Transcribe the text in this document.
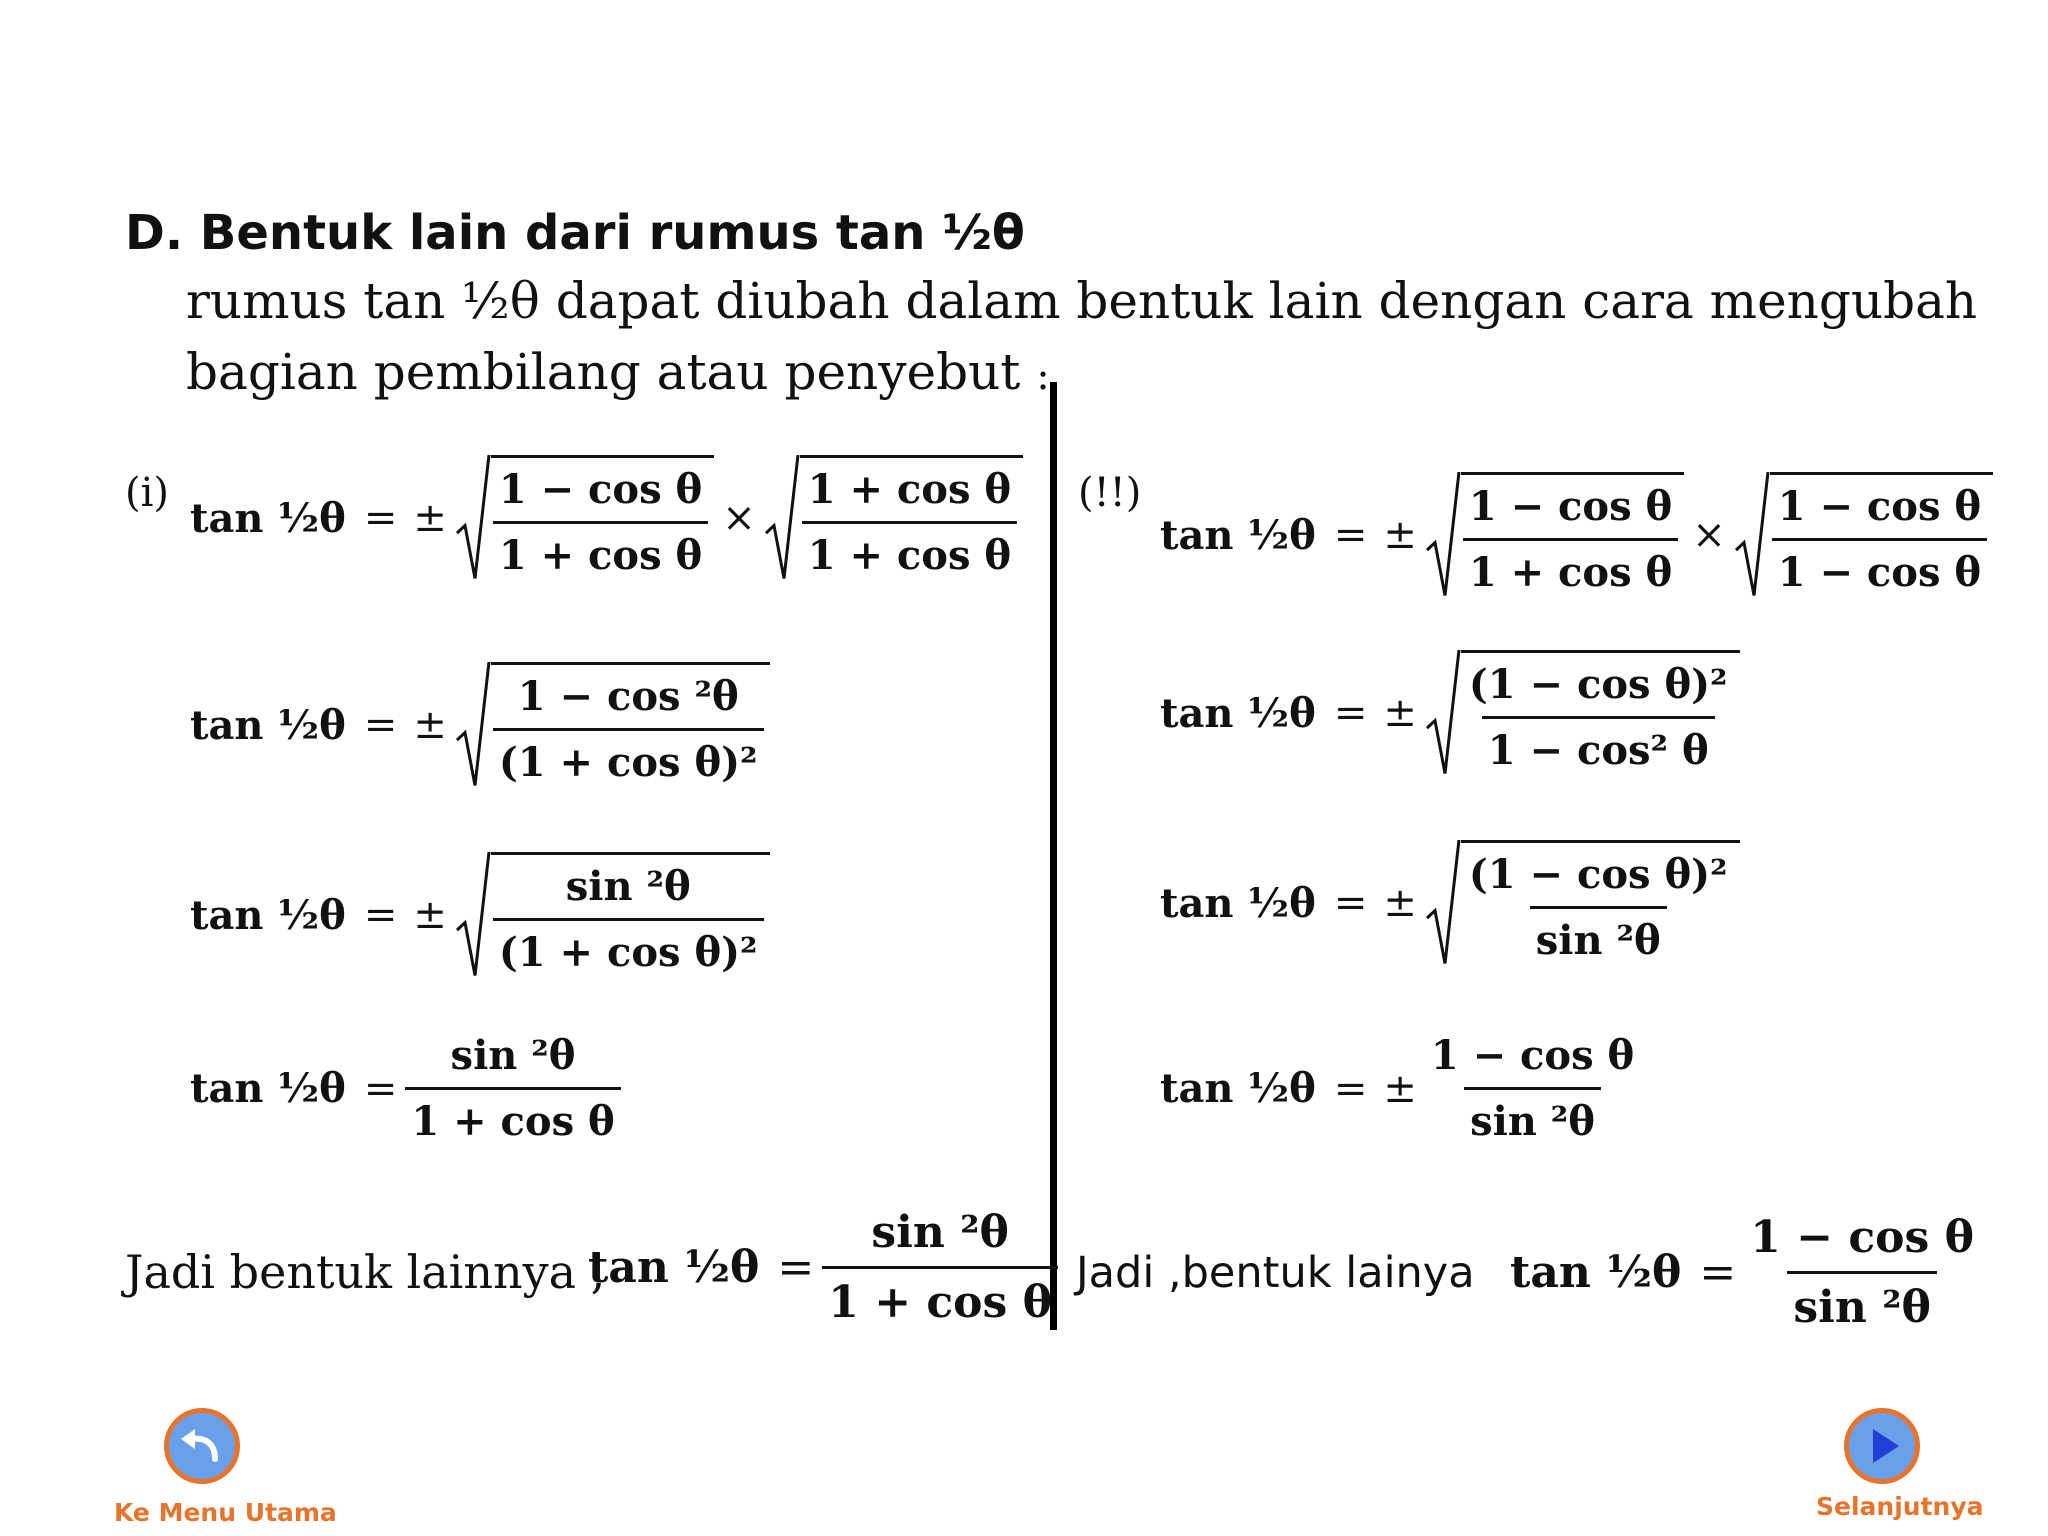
D. Bentuk lain dari rumus tan ½θ
rumus tan ½θ dapat diubah dalam bentuk lain dengan cara mengubah
bagian pembilang atau penyebut :
(i)
tan ½θ = ± $\frac{\text{1 − cos θ}}{\text{1 + cos θ}} \times \frac{\text{1 + cos θ}}{\text{1 + cos θ}}$
tan ½θ = ± $\frac{\text{1 − cos ²θ}}{\text{(1 + cos θ)²}}$
tan ½θ = ± $\frac{\text{sin ²θ}}{\text{(1 + cos θ)²}}$
tan ½θ = $\frac{\text{sin ²θ}}{\text{1 + cos θ}}$
Jadi bentuk lainnya ,
tan ½θ = $\frac{\text{sin ²θ}}{\text{1 + cos θ}}$
(!!)
tan ½θ = ± $\frac{\text{1 − cos θ}}{\text{1 + cos θ}} \times \frac{\text{1 − cos θ}}{\text{1 − cos θ}}$
tan ½θ = ± $\frac{\text{(1 − cos θ)²}}{\text{1 − cos² θ}}$
tan ½θ = ± $\frac{\text{(1 − cos θ)²}}{\text{sin ²θ}}$
tan ½θ = ± $\frac{\text{1 − cos θ}}{\text{sin ²θ}}$
Jadi ,bentuk lainya tan ½θ = $\frac{\text{1 − cos θ}}{\text{sin ²θ}}$
Ke Menu Utama	Selanjutnya
